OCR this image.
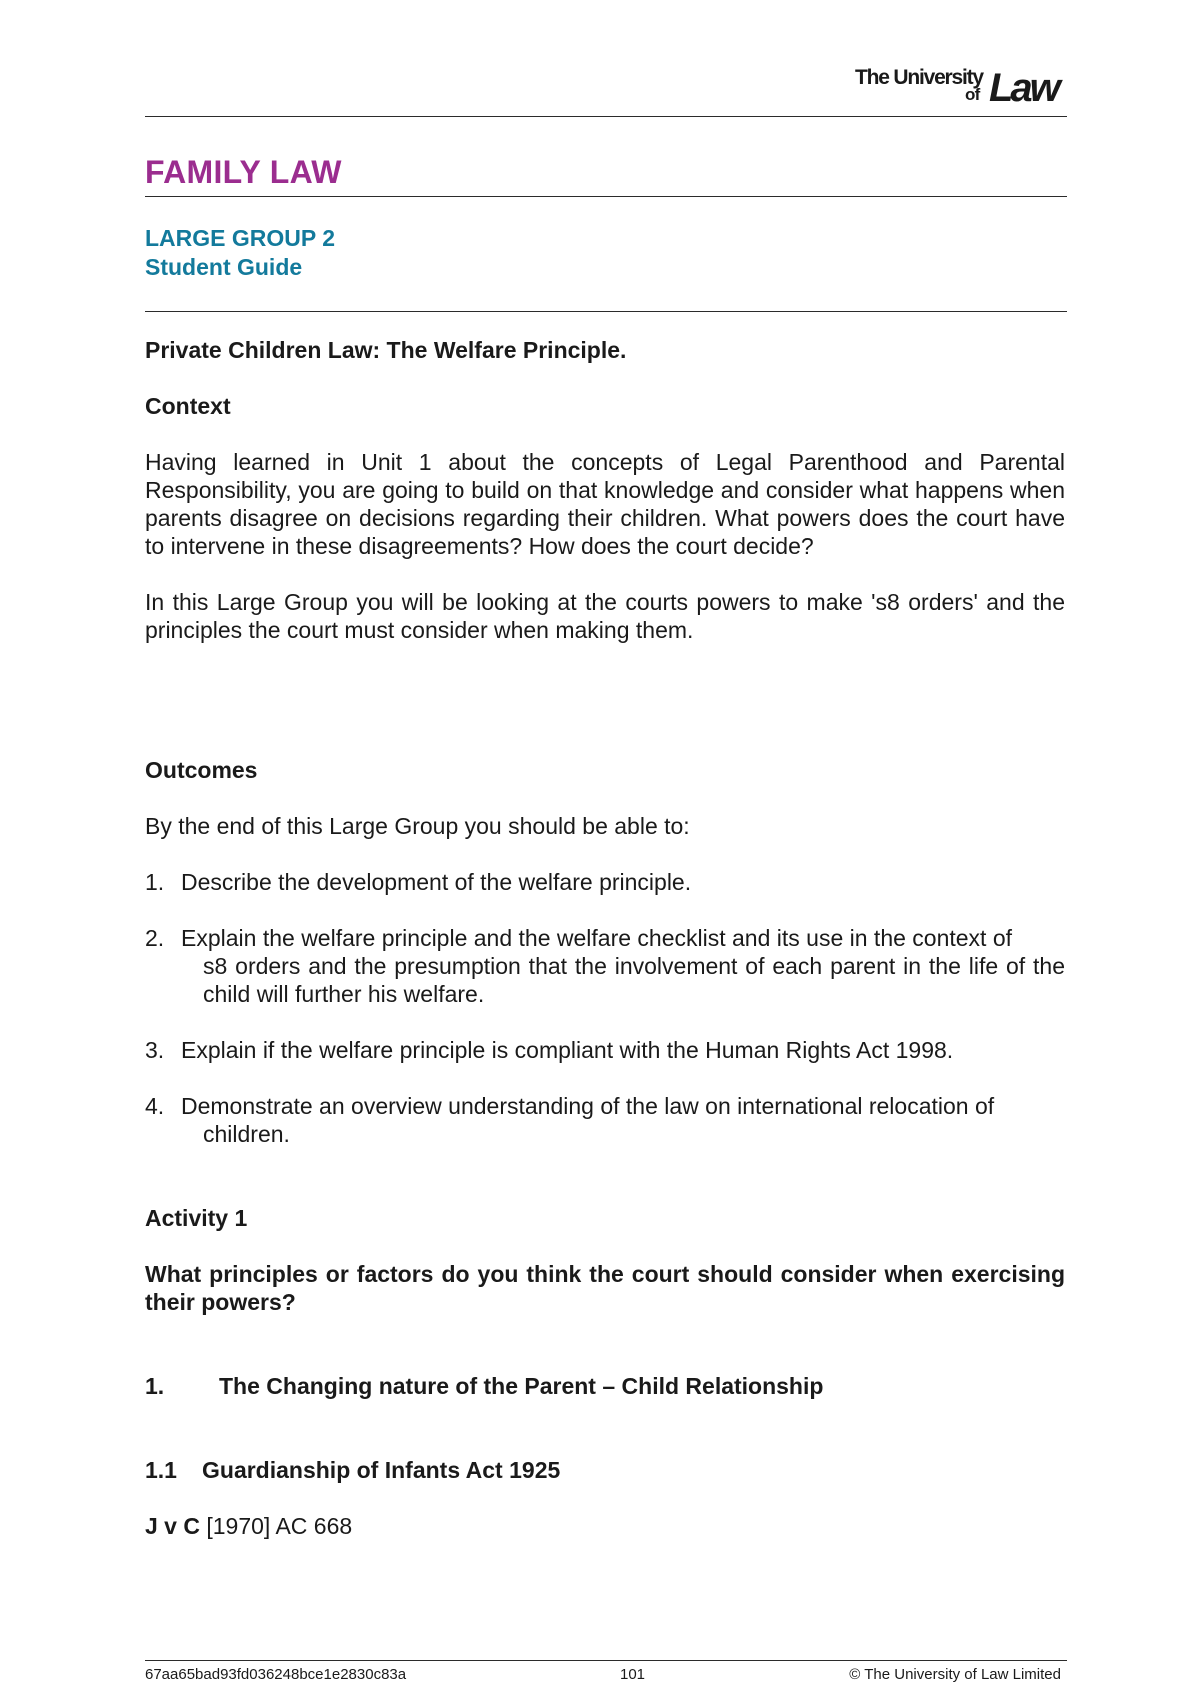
The University
of Law
FAMILY LAW
LARGE GROUP 2
Student Guide

Private Children Law: The Welfare Principle.

Context

Having learned in Unit 1 about the concepts of Legal Parenthood and Parental Responsibility, you are going to build on that knowledge and consider what happens when parents disagree on decisions regarding their children. What powers does the court have to intervene in these disagreements? How does the court decide?

In this Large Group you will be looking at the courts powers to make 's8 orders' and the principles the court must consider when making them.

Outcomes

By the end of this Large Group you should be able to:

1. Describe the development of the welfare principle.
2. Explain the welfare principle and the welfare checklist and its use in the context of
s8 orders and the presumption that the involvement of each parent in the life of the child will further his welfare.
3. Explain if the welfare principle is compliant with the Human Rights Act 1998.
4. Demonstrate an overview understanding of the law on international relocation of
children.
Activity 1

What principles or factors do you think the court should consider when exercising their powers?

1. The Changing nature of the Parent – Child Relationship
1.1 Guardianship of Infants Act 1925

J v C [1970] AC 668

67aa65bad93fd036248bce1e2830c83a	101	© The University of Law Limited
